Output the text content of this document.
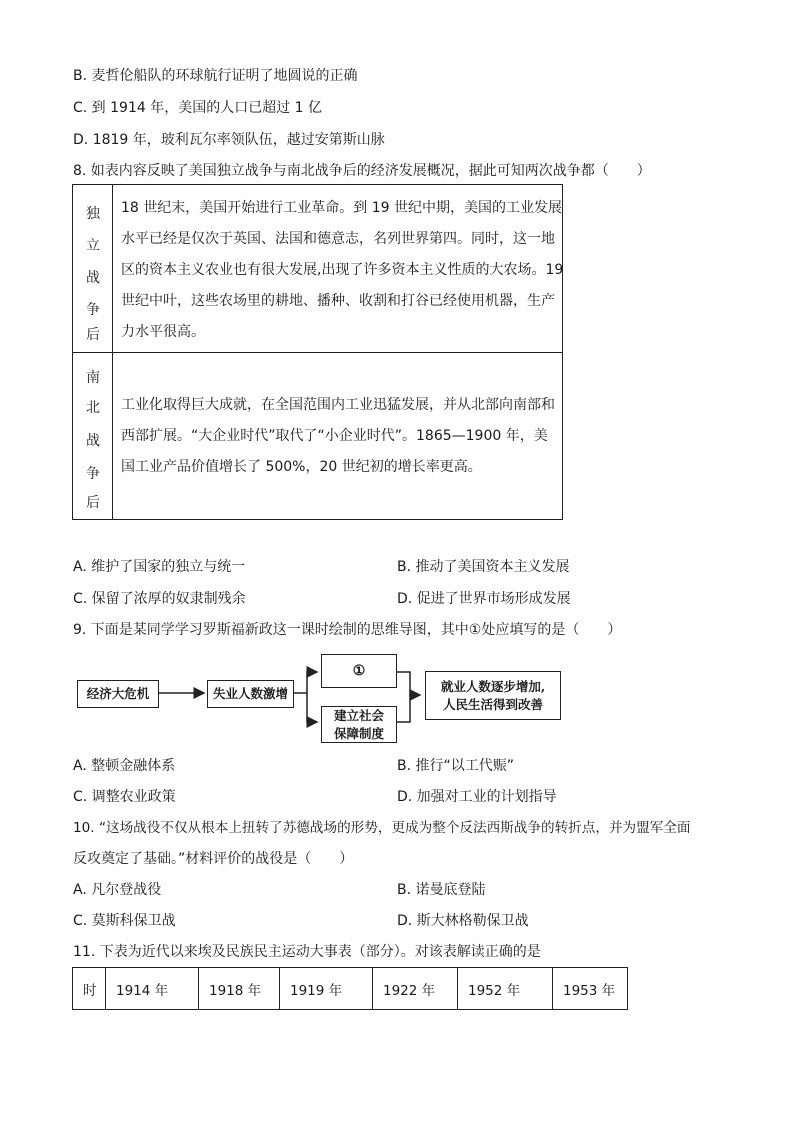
B. 麦哲伦船队的环球航行证明了地圆说的正确
C. 到 1914 年，美国的人口已超过 1 亿
D. 1819 年，玻利瓦尔率领队伍，越过安第斯山脉
8. 如表内容反映了美国独立战争与南北战争后的经济发展概况，据此可知两次战争都（　　）
独
立
战
争
后
18 世纪末，美国开始进行工业革命。到 19 世纪中期，美国的工业发展
水平已经是仅次于英国、法国和德意志，名列世界第四。同时，这一地
区的资本主义农业也有很大发展,出现了许多资本主义性质的大农场。19
世纪中叶，这些农场里的耕地、播种、收割和打谷已经使用机器，生产
力水平很高。
南
北
战
争
后
工业化取得巨大成就，在全国范围内工业迅猛发展，并从北部向南部和
西部扩展。“大企业时代”取代了“小企业时代”。1865—1900 年，美
国工业产品价值增长了 500%，20 世纪初的增长率更高。
A. 维护了国家的独立与统一	B. 推动了美国资本主义发展
C. 保留了浓厚的奴隶制残余	D. 促进了世界市场形成发展
9. 下面是某同学学习罗斯福新政这一课时绘制的思维导图，其中①处应填写的是（　　）
经济大危机	失业人数激增
①
建立社会
保障制度
就业人数逐步增加,
人民生活得到改善
A. 整顿金融体系	B. 推行“以工代赈”
C. 调整农业政策	D. 加强对工业的计划指导
10. “这场战役不仅从根本上扭转了苏德战场的形势，更成为整个反法西斯战争的转折点，并为盟军全面
反攻奠定了基础。”材料评价的战役是（　　）
A. 凡尔登战役	B. 诺曼底登陆
C. 莫斯科保卫战	D. 斯大林格勒保卫战
11. 下表为近代以来埃及民族民主运动大事表（部分）。对该表解读正确的是
时	1914 年	1918 年	1919 年	1922 年	1952 年	1953 年
